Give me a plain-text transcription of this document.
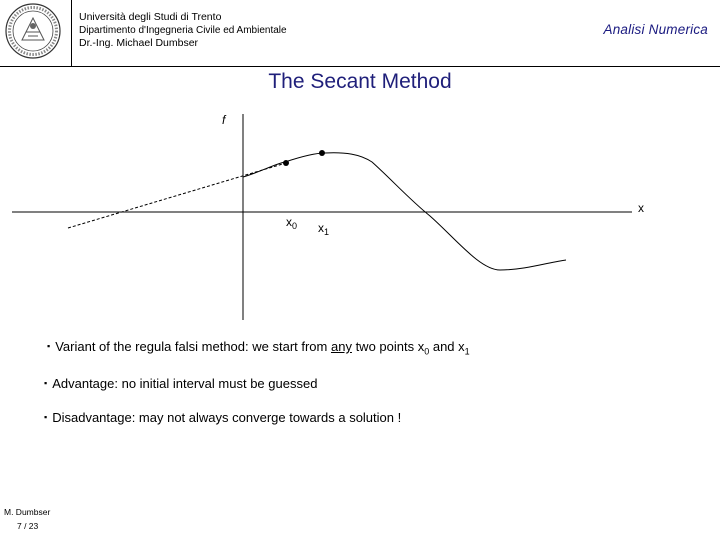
Università degli Studi di Trento
Dipartimento d'Ingegneria Civile ed Ambientale
Dr.-Ing. Michael Dumbser
Analisi Numerica
The Secant Method
f
x
$x_0$ $x_1$
▪ Variant of the regula falsi method: we start from any two points $x_0$ and $x_1$
▪ Advantage: no initial interval must be guessed
▪ Disadvantage: may not always converge towards a solution !
M. Dumbser
7 / 23
